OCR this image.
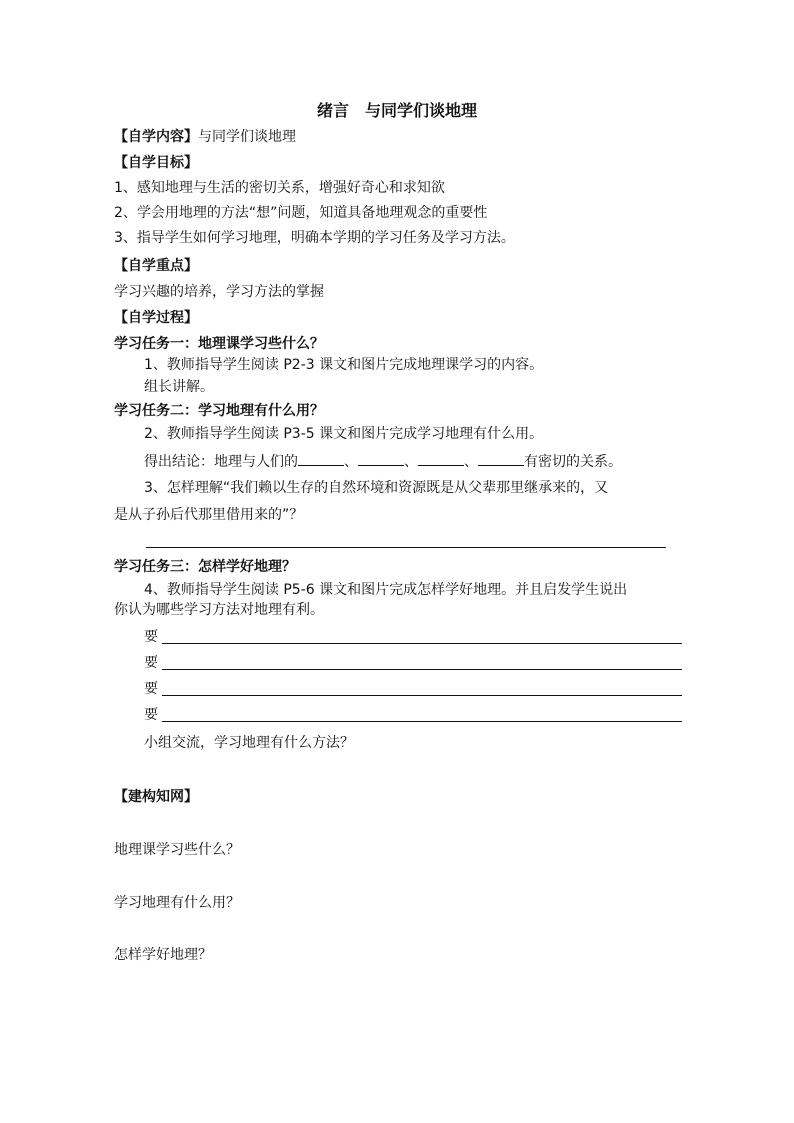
绪言　与同学们谈地理
【自学内容】与同学们谈地理
【自学目标】
1、感知地理与生活的密切关系，增强好奇心和求知欲
2、学会用地理的方法“想”问题，知道具备地理观念的重要性
3、指导学生如何学习地理，明确本学期的学习任务及学习方法。
【自学重点】
学习兴趣的培养，学习方法的掌握
【自学过程】
学习任务一：地理课学习些什么？
1、教师指导学生阅读 P2-3 课文和图片完成地理课学习的内容。
组长讲解。
学习任务二：学习地理有什么用？
2、教师指导学生阅读 P3-5 课文和图片完成学习地理有什么用。
得出结论：地理与人们的	、	、	、	有密切的关系。
3、怎样理解“我们赖以生存的自然环境和资源既是从父辈那里继承来的，又
是从子孙后代那里借用来的”？
学习任务三：怎样学好地理？
4、教师指导学生阅读 P5-6 课文和图片完成怎样学好地理。并且启发学生说出
你认为哪些学习方法对地理有利。
要
要
要
要
小组交流，学习地理有什么方法？
【建构知网】
地理课学习些什么？
学习地理有什么用？
怎样学好地理？
